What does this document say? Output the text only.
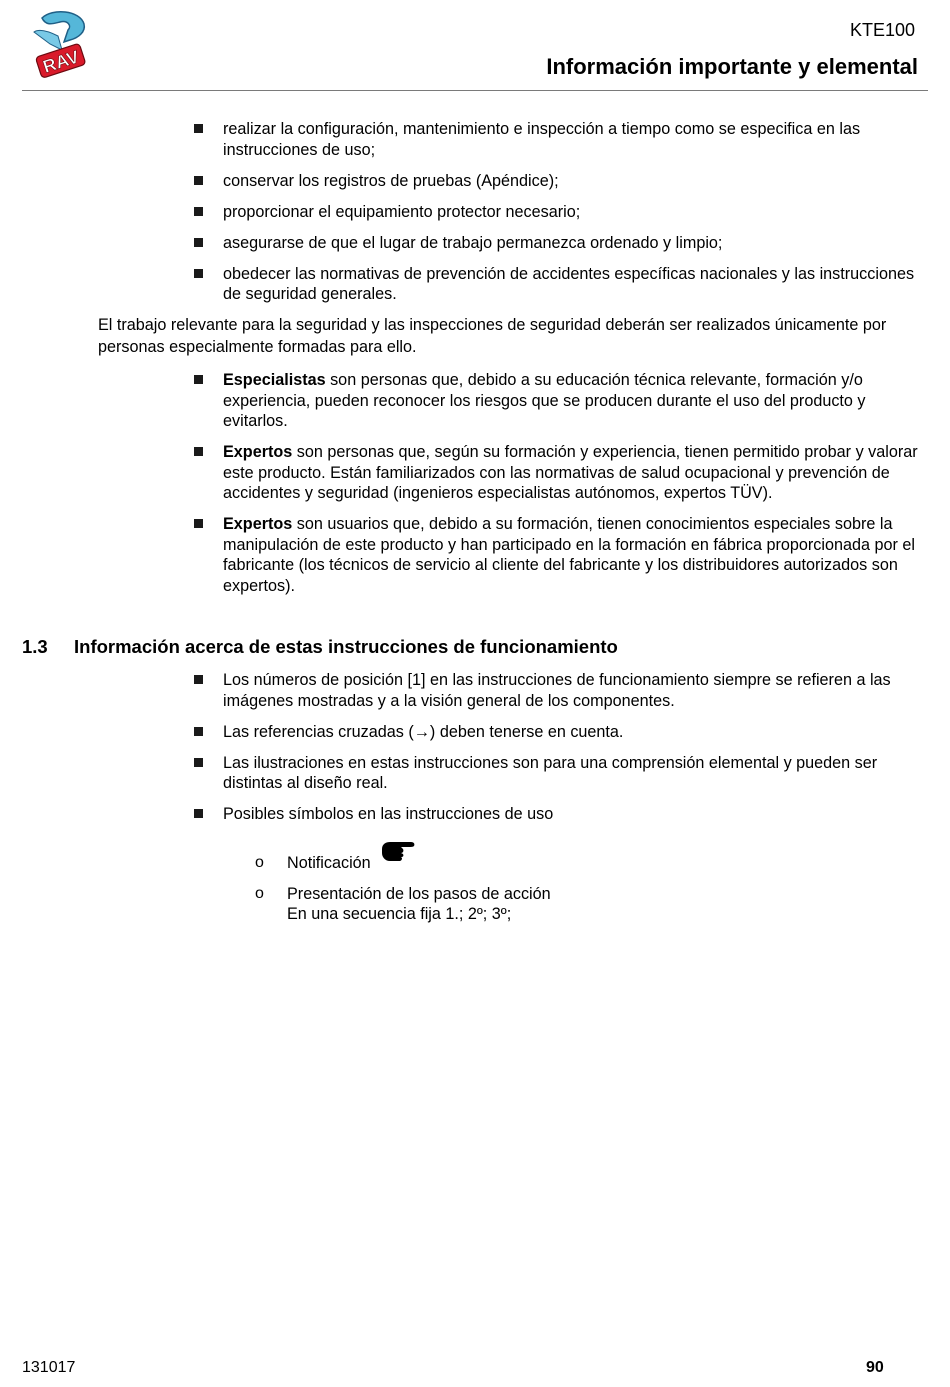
RAV
KTE100
Información importante y elemental
realizar la configuración, mantenimiento e inspección a tiempo como se especifica en las instrucciones de uso;
conservar los registros de pruebas (Apéndice);
proporcionar el equipamiento protector necesario;
asegurarse de que el lugar de trabajo permanezca ordenado y limpio;
obedecer las normativas de prevención de accidentes específicas nacionales y las instrucciones de seguridad generales.
El trabajo relevante para la seguridad y las inspecciones de seguridad deberán ser realizados únicamente por personas especialmente formadas para ello.
Especialistas son personas que, debido a su educación técnica relevante, formación y/o experiencia, pueden reconocer los riesgos que se producen durante el uso del producto y evitarlos.
Expertos son personas que, según su formación y experiencia, tienen permitido probar y valorar este producto. Están familiarizados con las normativas de salud ocupacional y prevención de accidentes y seguridad (ingenieros especialistas autónomos, expertos TÜV).
Expertos son usuarios que, debido a su formación, tienen conocimientos especiales sobre la manipulación de este producto y han participado en la formación en fábrica proporcionada por el fabricante (los técnicos de servicio al cliente del fabricante y los distribuidores autorizados son expertos).
1.3 Información acerca de estas instrucciones de funcionamiento
Los números de posición [1] en las instrucciones de funcionamiento siempre se refieren a las imágenes mostradas y a la visión general de los componentes.
Las referencias cruzadas (→) deben tenerse en cuenta.
Las ilustraciones en estas instrucciones son para una comprensión elemental y pueden ser distintas al diseño real.
Posibles símbolos en las instrucciones de uso
o Notificación
o Presentación de los pasos de acción
En una secuencia fija 1.; 2º; 3º;
131017	90
